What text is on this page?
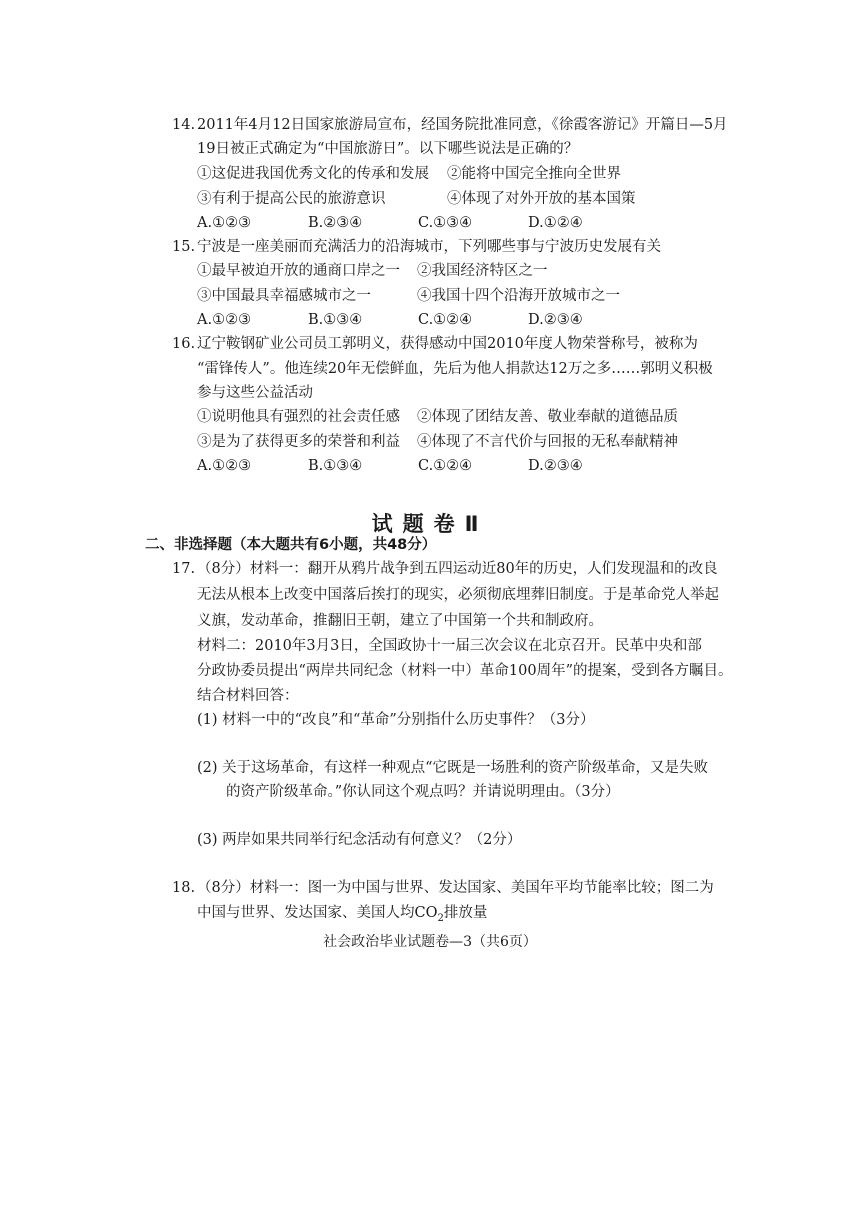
14. 2011年4月12日国家旅游局宣布，经国务院批准同意，《徐霞客游记》开篇日—5月
19日被正式确定为“中国旅游日”。以下哪些说法是正确的？
①这促进我国优秀文化的传承和发展 ②能将中国完全推向全世界
③有利于提高公民的旅游意识	④体现了对外开放的基本国策
A.①②③	B.②③④	C.①③④	D.①②④
15. 宁波是一座美丽而充满活力的沿海城市，下列哪些事与宁波历史发展有关
①最早被迫开放的通商口岸之一 ②我国经济特区之一
③中国最具幸福感城市之一	④我国十四个沿海开放城市之一
A.①②③	B.①③④	C.①②④	D.②③④
16. 辽宁鞍钢矿业公司员工郭明义，获得感动中国2010年度人物荣誉称号，被称为
“雷锋传人”。他连续20年无偿鲜血，先后为他人捐款达12万之多……郭明义积极
参与这些公益活动
①说明他具有强烈的社会责任感 ②体现了团结友善、敬业奉献的道德品质
③是为了获得更多的荣誉和利益 ④体现了不言代价与回报的无私奉献精神
A.①②③	B.①③④	C.①②④	D.②③④
试题卷Ⅱ
二、非选择题（本大题共有6小题，共48分）
17. （8分）材料一：翻开从鸦片战争到五四运动近80年的历史，人们发现温和的改良
无法从根本上改变中国落后挨打的现实，必须彻底埋葬旧制度。于是革命党人举起
义旗，发动革命，推翻旧王朝，建立了中国第一个共和制政府。
材料二：2010年3月3日，全国政协十一届三次会议在北京召开。民革中央和部
分政协委员提出“两岸共同纪念（材料一中）革命100周年”的提案，受到各方瞩目。
结合材料回答：
(1) 材料一中的“改良”和“革命”分别指什么历史事件？（3分）
(2) 关于这场革命，有这样一种观点“它既是一场胜利的资产阶级革命，又是失败
的资产阶级革命。”你认同这个观点吗？并请说明理由。（3分）
(3) 两岸如果共同举行纪念活动有何意义？（2分）
18. （8分）材料一：图一为中国与世界、发达国家、美国年平均节能率比较；图二为
中国与世界、发达国家、美国人均$CO_2$排放量
社会政治毕业试题卷—3（共6页）
